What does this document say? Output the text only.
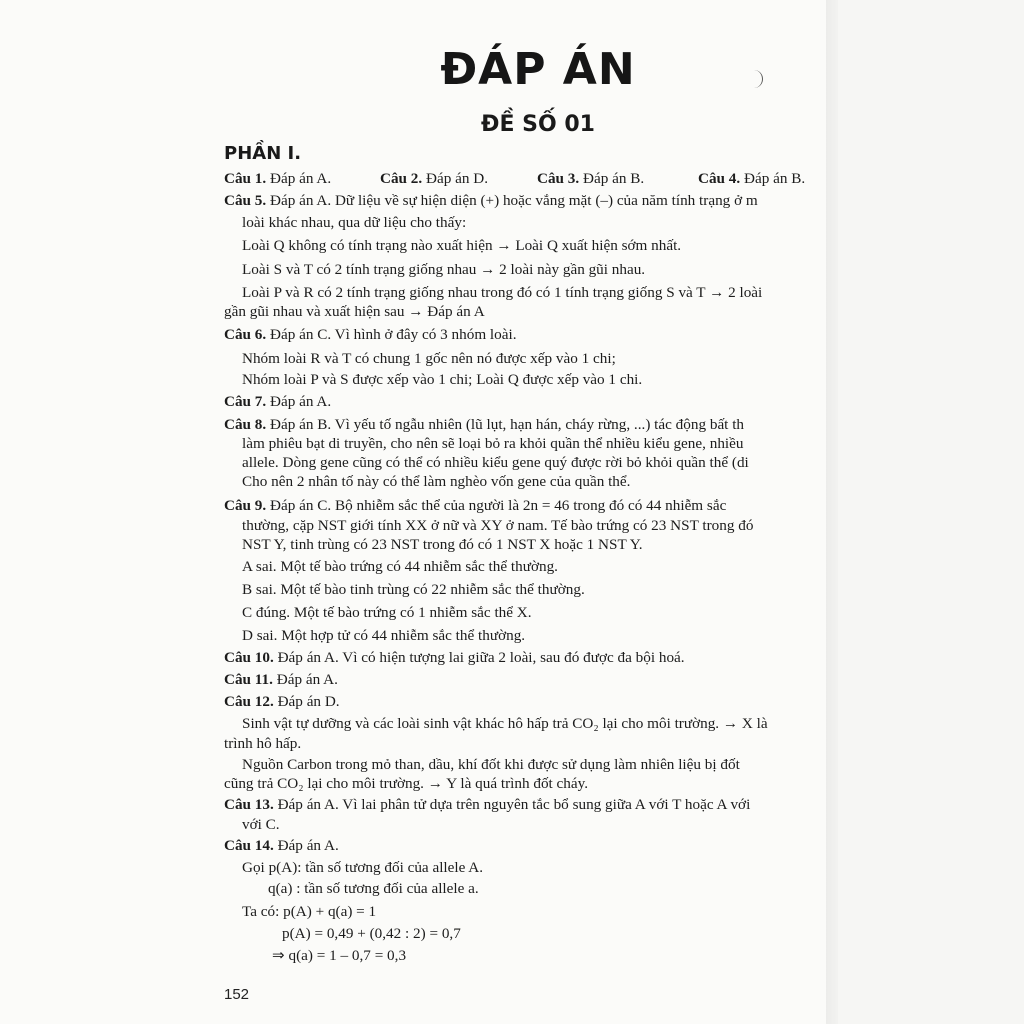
ĐÁP ÁN
ĐỀ SỐ 01
PHẦN I.
Câu 1. Đáp án A.	Câu 2. Đáp án D.	Câu 3. Đáp án B.	Câu 4. Đáp án B.
Câu 5. Đáp án A. Dữ liệu về sự hiện diện (+) hoặc vắng mặt (–) của năm tính trạng ở m
loài khác nhau, qua dữ liệu cho thấy:
Loài Q không có tính trạng nào xuất hiện → Loài Q xuất hiện sớm nhất.
Loài S và T có 2 tính trạng giống nhau → 2 loài này gần gũi nhau.
Loài P và R có 2 tính trạng giống nhau trong đó có 1 tính trạng giống S và T → 2 loài
gần gũi nhau và xuất hiện sau → Đáp án A
Câu 6. Đáp án C. Vì hình ở đây có 3 nhóm loài.
Nhóm loài R và T có chung 1 gốc nên nó được xếp vào 1 chi;
Nhóm loài P và S được xếp vào 1 chi; Loài Q được xếp vào 1 chi.
Câu 7. Đáp án A.
Câu 8. Đáp án B. Vì yếu tố ngẫu nhiên (lũ lụt, hạn hán, cháy rừng, ...) tác động bất th
làm phiêu bạt di truyền, cho nên sẽ loại bỏ ra khỏi quần thể nhiều kiểu gene, nhiều
allele. Dòng gene cũng có thể có nhiều kiểu gene quý được rời bỏ khỏi quần thể (di
Cho nên 2 nhân tố này có thể làm nghèo vốn gene của quần thể.
Câu 9. Đáp án C. Bộ nhiễm sắc thể của người là 2n = 46 trong đó có 44 nhiễm sắc
thường, cặp NST giới tính XX ở nữ và XY ở nam. Tế bào trứng có 23 NST trong đó
NST Y, tinh trùng có 23 NST trong đó có 1 NST X hoặc 1 NST Y.
A sai. Một tế bào trứng có 44 nhiễm sắc thể thường.
B sai. Một tế bào tinh trùng có 22 nhiễm sắc thể thường.
C đúng. Một tế bào trứng có 1 nhiễm sắc thể X.
D sai. Một hợp tử có 44 nhiễm sắc thể thường.
Câu 10. Đáp án A. Vì có hiện tượng lai giữa 2 loài, sau đó được đa bội hoá.
Câu 11. Đáp án A.
Câu 12. Đáp án D.
Sinh vật tự dưỡng và các loài sinh vật khác hô hấp trả CO₂ lại cho môi trường. → X là
trình hô hấp.
Nguồn Carbon trong mỏ than, dầu, khí đốt khi được sử dụng làm nhiên liệu bị đốt
cũng trả CO₂ lại cho môi trường. → Y là quá trình đốt cháy.
Câu 13. Đáp án A. Vì lai phân tử dựa trên nguyên tắc bổ sung giữa A với T hoặc A với
với C.
Câu 14. Đáp án A.
Gọi p(A): tần số tương đối của allele A.
q(a) : tần số tương đối của allele a.
Ta có: p(A) + q(a) = 1
p(A) = 0,49 + (0,42 : 2) = 0,7
⇒ q(a) = 1 – 0,7 = 0,3
152
